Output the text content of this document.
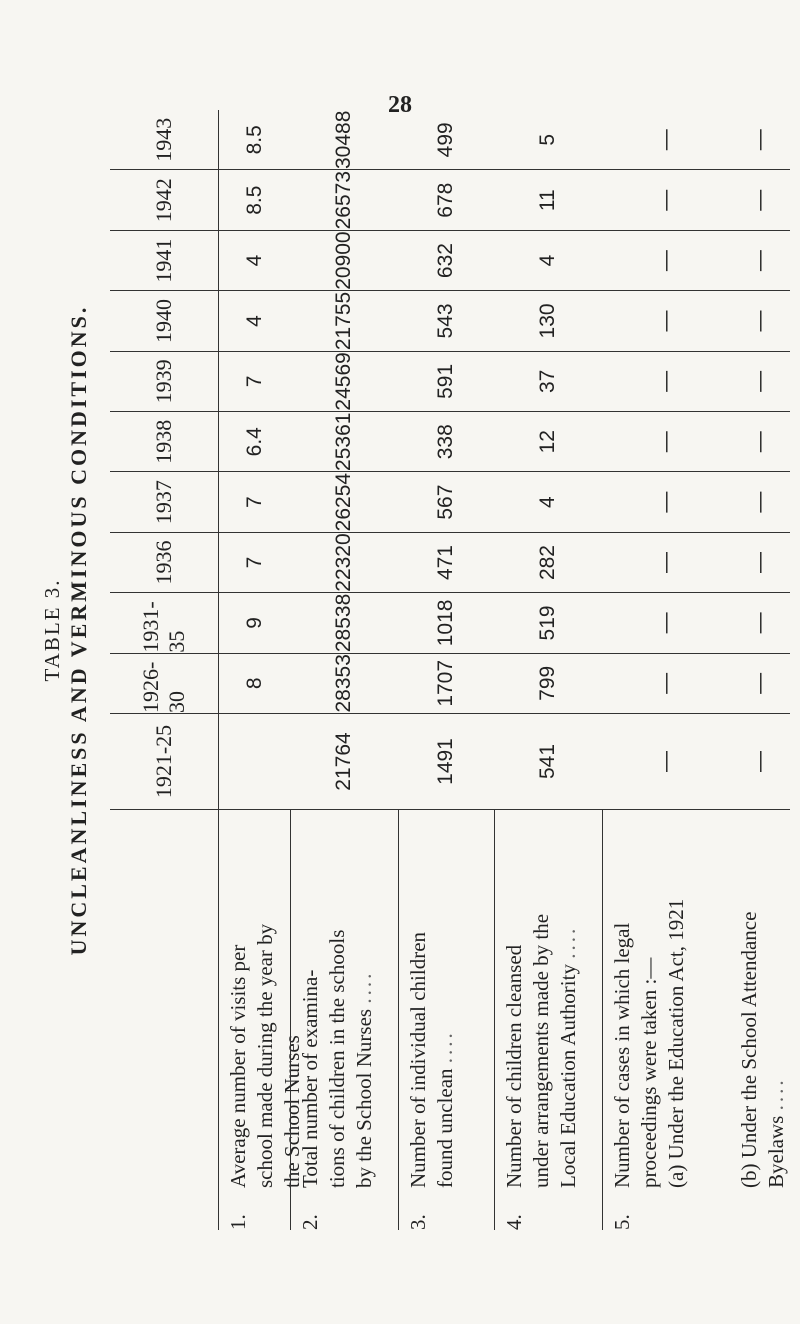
28
TABLE 3. UNCLEANLINESS AND VERMINOUS CONDITIONS.	1921-25
1926-30
1931-35
1936
1937
1938
1939
1940
1941
1942
1943
1.
Average number of visits per school made during the year by the School Nurses
8
9
7
7
6.4
7
4
4
8.5
8.5
2.
Total number of examina- tions of children in the schools by the School Nurses ....
21764
28353
28538
22320
26254
25361
24569
21755
20900
26573
30488
3.
Number of individual children found unclean ....
1491
1707
1018
471
567
338
591
543
632
678
499
4.
Number of children cleansed under arrangements made by the Local Education Authority ....
541
799
519
282
4
12
37
130
4
11
5
5.
Number of cases in which legal proceedings were taken :— (a) Under the Education Act, 1921
—
—
—
—
—
—
—
—
—
—
—
(b) Under the School Attendance Byelaws ....
—
—
—
—
—
—
—
—
—
—
—
